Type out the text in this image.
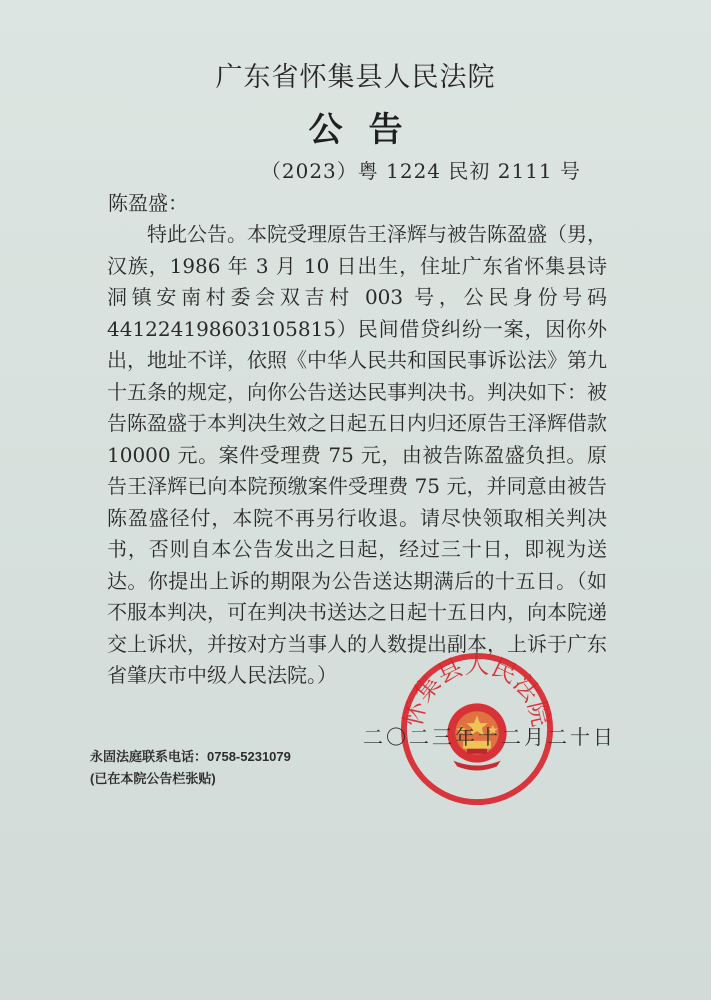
广东省怀集县人民法院
公告
（2023）粤 1224 民初 2111 号
陈盈盛：
特此公告。本院受理原告王泽辉与被告陈盈盛（男，汉族，1986 年 3 月 10 日出生，住址广东省怀集县诗洞镇安南村委会双吉村 003 号，公民身份号码 441224198603105815）民间借贷纠纷一案，因你外出，地址不详，依照《中华人民共和国民事诉讼法》第九十五条的规定，向你公告送达民事判决书。判决如下：被告陈盈盛于本判决生效之日起五日内归还原告王泽辉借款 10000 元。案件受理费 75 元，由被告陈盈盛负担。原告王泽辉已向本院预缴案件受理费 75 元，并同意由被告陈盈盛径付，本院不再另行收退。请尽快领取相关判决书，否则自本公告发出之日起，经过三十日，即视为送达。你提出上诉的期限为公告送达期满后的十五日。（如不服本判决，可在判决书送达之日起十五日内，向本院递交上诉状，并按对方当事人的人数提出副本，上诉于广东省肇庆市中级人民法院。）
怀集县人民法院
二〇二三年十二月二十日
永固法庭联系电话：0758-5231079
(已在本院公告栏张贴)
